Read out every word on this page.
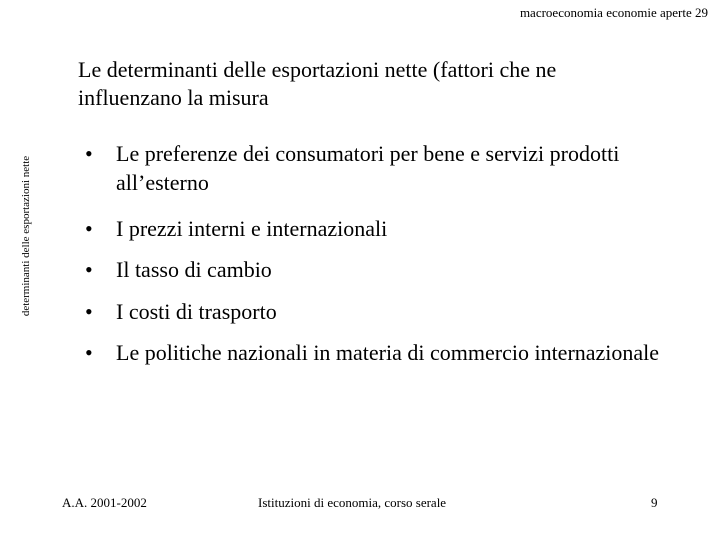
macroeconomia economie aperte 29
determinanti delle esportazioni nette
Le determinanti delle esportazioni nette (fattori che ne influenzano la misura
• Le preferenze dei consumatori per bene e servizi prodotti all’esterno
• I prezzi interni e internazionali
• Il tasso di cambio
• I costi di trasporto
• Le politiche nazionali in materia di commercio internazionale
A.A. 2001-2002	Istituzioni di economia, corso serale	9
